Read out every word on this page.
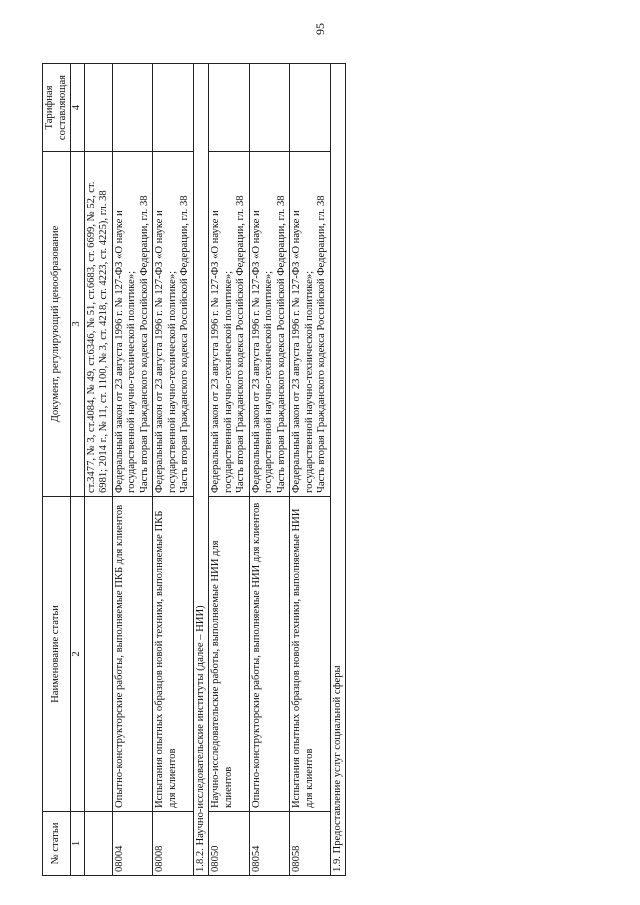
95
№ статьи	Наименование статьи	Документ, регулирующий ценообразование	Тарифная составляющая
1	2	3	4
		ст.3477, № 3, ст.4084, № 49, ст.6346, № 51, ст.6683, ст. 6699, № 52, ст. 6981; 2014 г., № 11, ст. 1100, № 3, ст. 4218, ст. 4223, ст. 4225), гл. 38	
08004	Опытно-конструкторские работы, выполняемые ПКБ для клиентов	Федеральный закон от 23 августа 1996 г. № 127-ФЗ «О науке и государственной научно-технической политике»;
Часть вторая Гражданского кодекса Российской Федерации, гл. 38	
08008	Испытания опытных образцов новой техники, выполняемые ПКБ для клиентов	Федеральный закон от 23 августа 1996 г. № 127-ФЗ «О науке и государственной научно-технической политике»;
Часть вторая Гражданского кодекса Российской Федерации, гл. 38	
1.8.2. Научно-исследовательские институты (далее – НИИ)			
08050	Научно-исследовательские работы, выполняемые НИИ для клиентов	Федеральный закон от 23 августа 1996 г. № 127-ФЗ «О науке и государственной научно-технической политике»;
Часть вторая Гражданского кодекса Российской Федерации, гл. 38	
08054	Опытно-конструкторские работы, выполняемые НИИ для клиентов	Федеральный закон от 23 августа 1996 г. № 127-ФЗ «О науке и государственной научно-технической политике»;
Часть вторая Гражданского кодекса Российской Федерации, гл. 38	
08058	Испытания опытных образцов новой техники, выполняемые НИИ для клиентов	Федеральный закон от 23 августа 1996 г. № 127-ФЗ «О науке и государственной научно-технической политике»;
Часть вторая Гражданского кодекса Российской Федерации, гл. 38	
1.9. Предоставление услуг социальной сферы			
